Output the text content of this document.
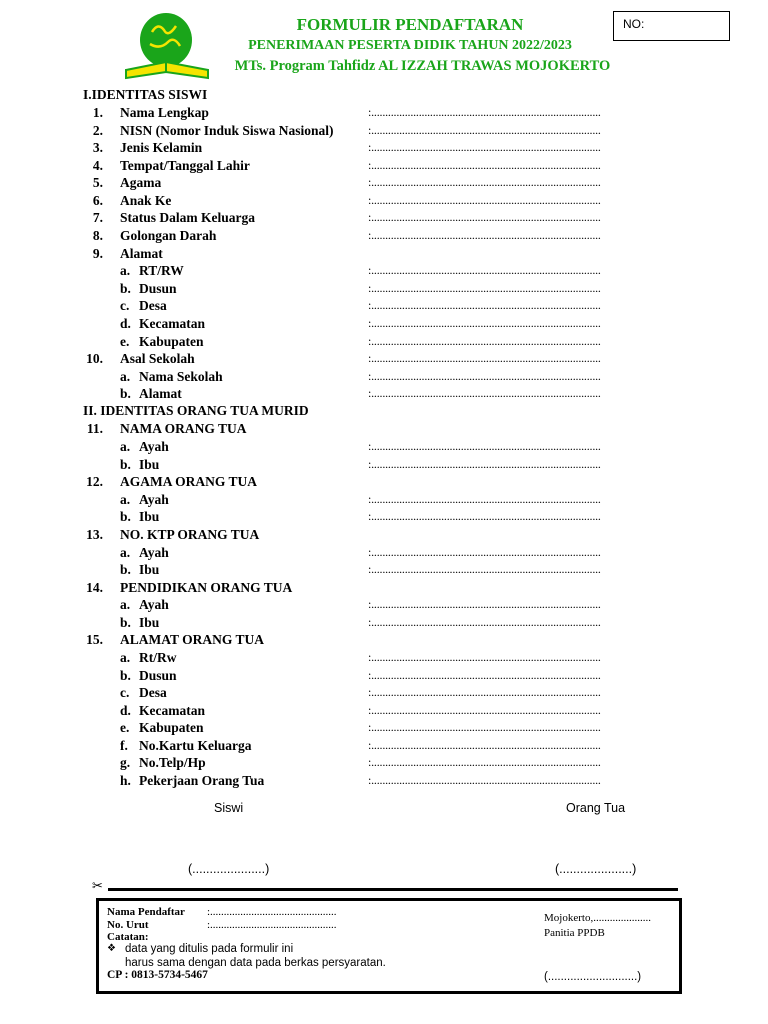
FORMULIR PENDAFTARAN
PENERIMAAN PESERTA DIDIK TAHUN 2022/2023
MTs. Program Tahfidz AL IZZAH TRAWAS MOJOKERTO
NO:
I.IDENTITAS SISWI
1. Nama Lengkap	:..................................................................................
2. NISN (Nomor Induk Siswa Nasional)	:..................................................................................
3. Jenis Kelamin	:..................................................................................
4. Tempat/Tanggal Lahir	:..................................................................................
5. Agama	:..................................................................................
6. Anak Ke	:..................................................................................
7. Status Dalam Keluarga	:..................................................................................
8. Golongan Darah	:..................................................................................
9. Alamat
a. RT/RW	:..................................................................................
b. Dusun	:..................................................................................
c. Desa	:..................................................................................
d. Kecamatan	:..................................................................................
e. Kabupaten	:..................................................................................
10. Asal Sekolah	:..................................................................................
a. Nama Sekolah	:..................................................................................
b. Alamat	:..................................................................................
II. IDENTITAS ORANG TUA MURID
11. NAMA ORANG TUA
a. Ayah	:..................................................................................
b. Ibu	:..................................................................................
12. AGAMA ORANG TUA
a. Ayah	:..................................................................................
b. Ibu	:..................................................................................
13. NO. KTP ORANG TUA
a. Ayah	:..................................................................................
b. Ibu	:..................................................................................
14. PENDIDIKAN ORANG TUA
a. Ayah	:..................................................................................
b. Ibu	:..................................................................................
15. ALAMAT ORANG TUA
a. Rt/Rw	:..................................................................................
b. Dusun	:..................................................................................
c. Desa	:..................................................................................
d. Kecamatan	:..................................................................................
e. Kabupaten	:..................................................................................
f. No.Kartu Keluarga	:..................................................................................
g. No.Telp/Hp	:..................................................................................
h. Pekerjaan Orang Tua	:..................................................................................
Siswi	Orang Tua
(.....................)	(.....................)
✂
Nama Pendaftar :..............................................
No. Urut	:..............................................
Catatan:
❖ data yang ditulis pada formulir ini
harus sama dengan data pada berkas persyaratan.
CP : 0813-5734-5467
Mojokerto,.....................
Panitia PPDB
(............................)
